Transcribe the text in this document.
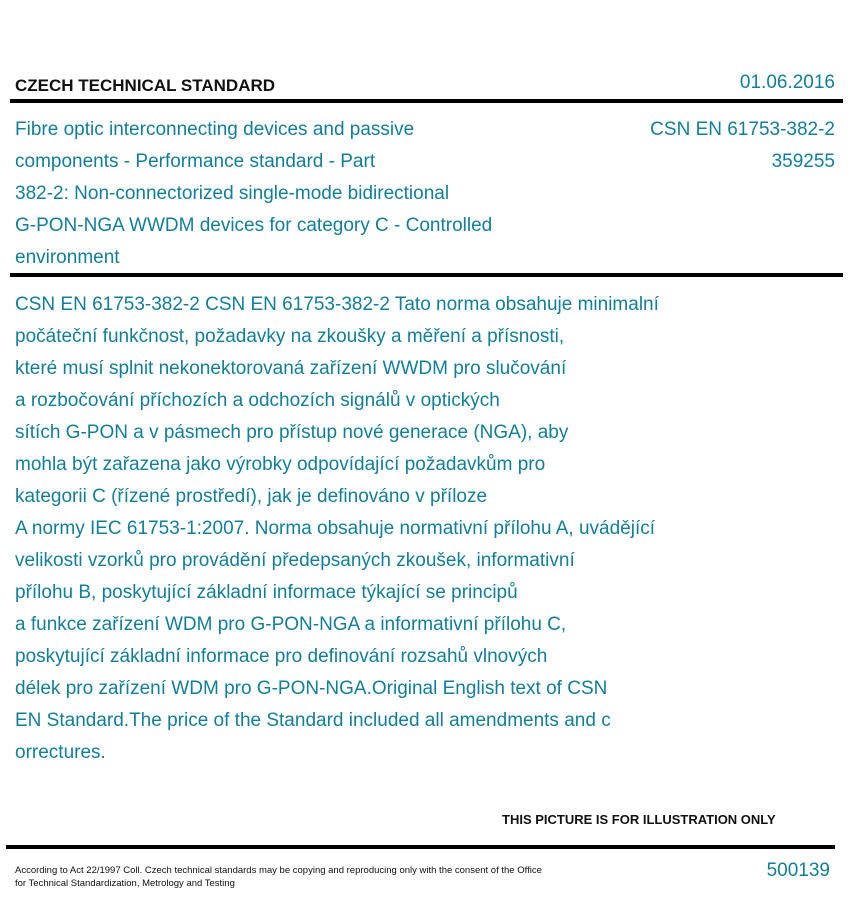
CZECH TECHNICAL STANDARD	01.06.2016
Fibre optic interconnecting devices and passive
components - Performance standard - Part
382-2: Non-connectorized single-mode bidirectional
G-PON-NGA WWDM devices for category C - Controlled
environment
CSN EN 61753-382-2
359255
CSN EN 61753-382-2 CSN EN 61753-382-2 Tato norma obsahuje minimalní
počáteční funkčnost, požadavky na zkoušky a měření a přísnosti,
které musí splnit nekonektorovaná zařízení WWDM pro slučování
a rozbočování příchozích a odchozích signálů v optických
sítích G-PON a v pásmech pro přístup nové generace (NGA), aby
mohla být zařazena jako výrobky odpovídající požadavkům pro
kategorii C (řízené prostředí), jak je definováno v příloze
A normy IEC 61753-1:2007. Norma obsahuje normativní přílohu A, uvádějící
velikosti vzorků pro provádění předepsaných zkoušek, informativní
přílohu B, poskytující základní informace týkající se principů
a funkce zařízení WDM pro G-PON-NGA a informativní přílohu C,
poskytující základní informace pro definování rozsahů vlnových
délek pro zařízení WDM pro G-PON-NGA.Original English text of CSN
EN Standard.The price of the Standard included all amendments and c
orrectures.
THIS PICTURE IS FOR ILLUSTRATION ONLY
According to Act 22/1997 Coll. Czech technical standards may be copying and reproducing only with the consent of the Office
for Technical Standardization, Metrology and Testing
500139
